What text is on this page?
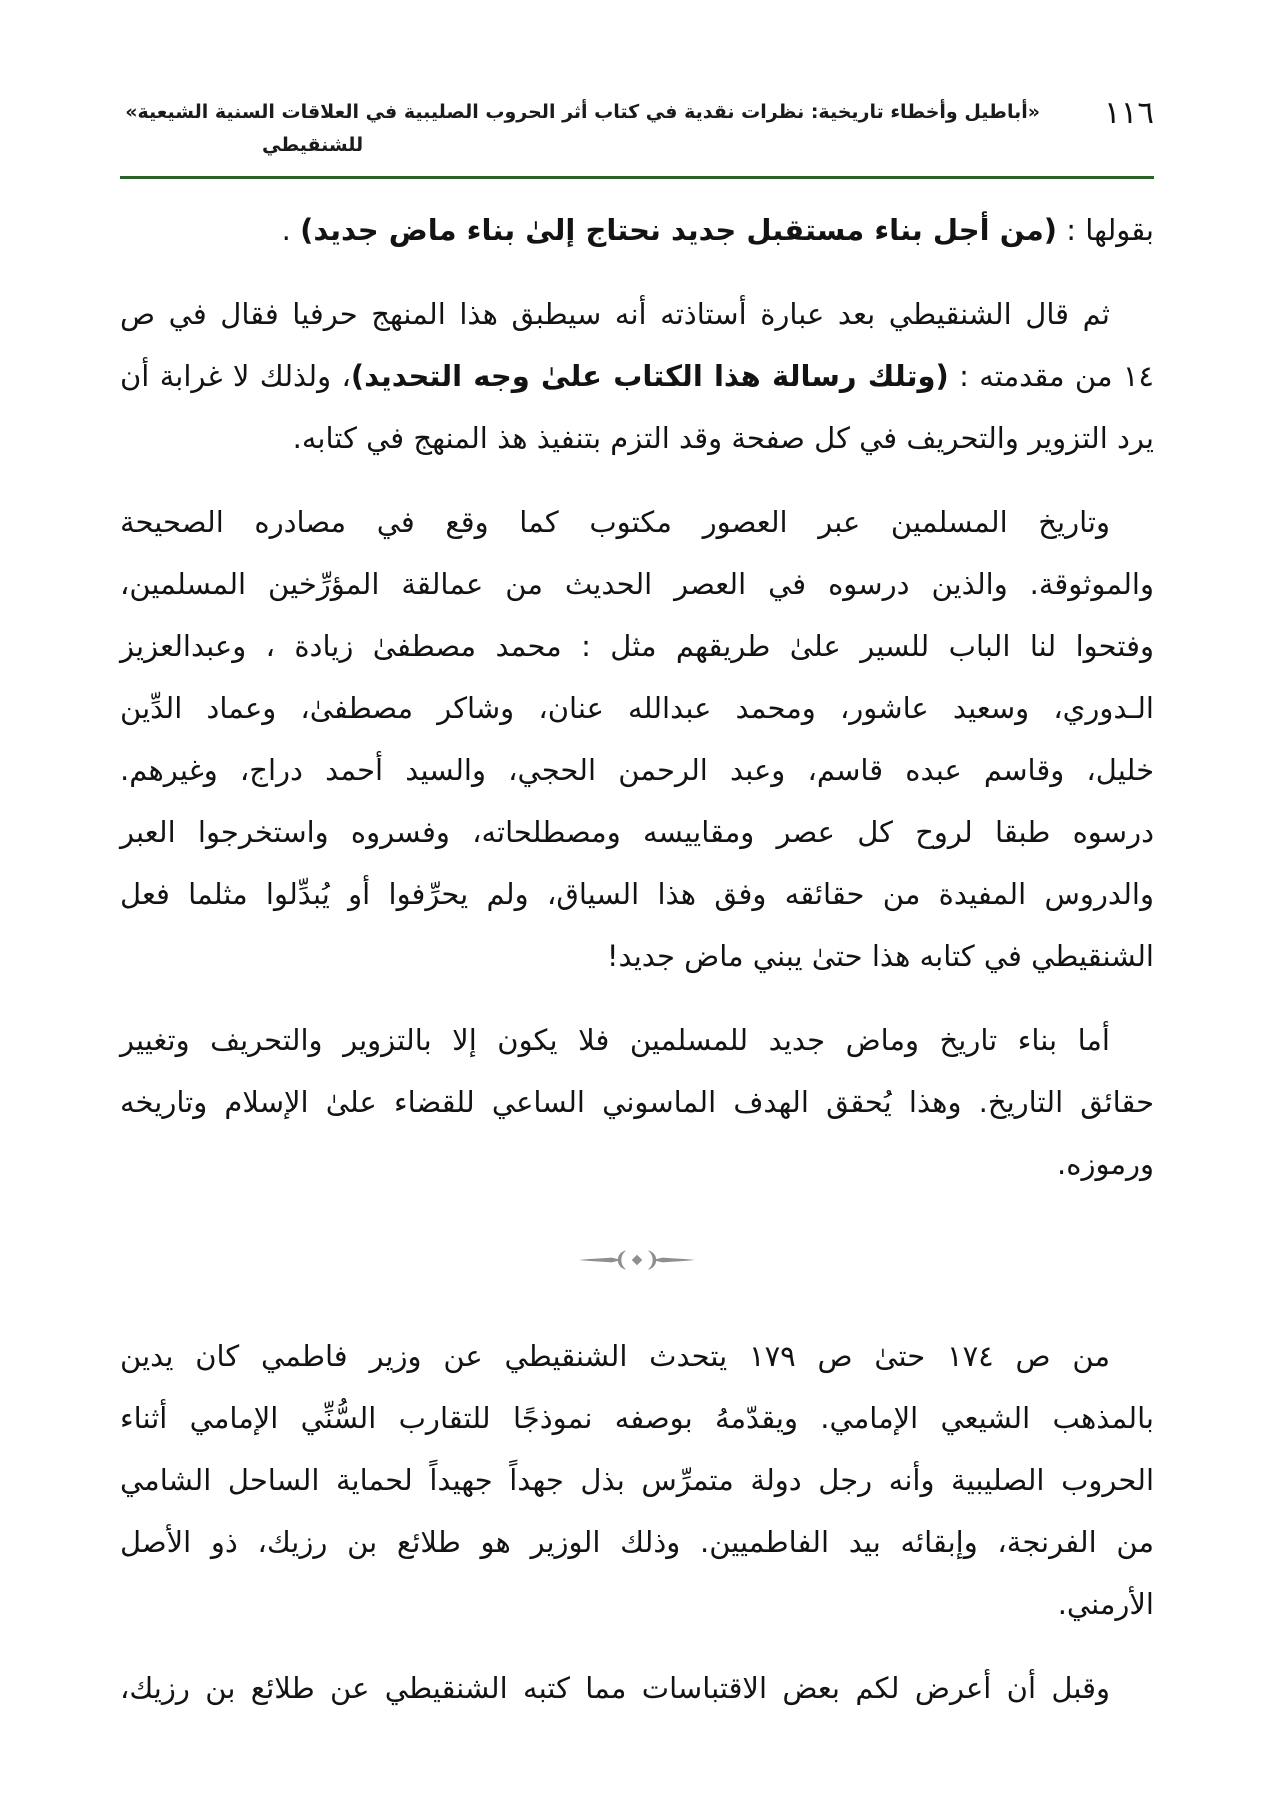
«أباطيل وأخطاء تاريخية: نظرات نقدية في كتاب أثر الحروب الصليبية في العلاقات السنية الشيعية»
للشنقيطي
١١٦

بقولها : (من أجل بناء مستقبل جديد نحتاج إلىٰ بناء ماض جديد) .

ثم قال الشنقيطي بعد عبارة أستاذته أنه سيطبق هذا المنهج حرفيا فقال في ص
١٤ من مقدمته : (وتلك رسالة هذا الكتاب علىٰ وجه التحديد)، ولذلك لا غرابة أن
يرد التزوير والتحريف في كل صفحة وقد التزم بتنفيذ هذ المنهج في كتابه.

وتاريخ المسلمين عبر العصور مكتوب كما وقع في مصادره الصحيحة
والموثوقة. والذين درسوه في العصر الحديث من عمالقة المؤرِّخين المسلمين،
وفتحوا لنا الباب للسير علىٰ طريقهم مثل : محمد مصطفىٰ زيادة ، وعبدالعزيز
الـدوري، وسعيد عاشور، ومحمد عبدالله عنان، وشاكر مصطفىٰ، وعماد الدِّين
خليل، وقاسم عبده قاسم، وعبد الرحمن الحجي، والسيد أحمد دراج، وغيرهم.
درسوه طبقا لروح كل عصر ومقاييسه ومصطلحاته، وفسروه واستخرجوا العبر
والدروس المفيدة من حقائقه وفق هذا السياق، ولم يحرِّفوا أو يُبدِّلوا مثلما فعل
الشنقيطي في كتابه هذا حتىٰ يبني ماض جديد!

أما بناء تاريخ وماض جديد للمسلمين فلا يكون إلا بالتزوير والتحريف وتغيير
حقائق التاريخ. وهذا يُحقق الهدف الماسوني الساعي للقضاء علىٰ الإسلام وتاريخه
ورموزه.

من ص ١٧٤ حتىٰ ص ١٧٩ يتحدث الشنقيطي عن وزير فاطمي كان يدين
بالمذهب الشيعي الإمامي. ويقدّمهُ بوصفه نموذجًا للتقارب السُّنِّي الإمامي أثناء
الحروب الصليبية وأنه رجل دولة متمرِّس بذل جهداً جهيداً لحماية الساحل الشامي
من الفرنجة، وإبقائه بيد الفاطميين. وذلك الوزير هو طلائع بن رزيك، ذو الأصل
الأرمني.

وقبل أن أعرض لكم بعض الاقتباسات مما كتبه الشنقيطي عن طلائع بن رزيك،
